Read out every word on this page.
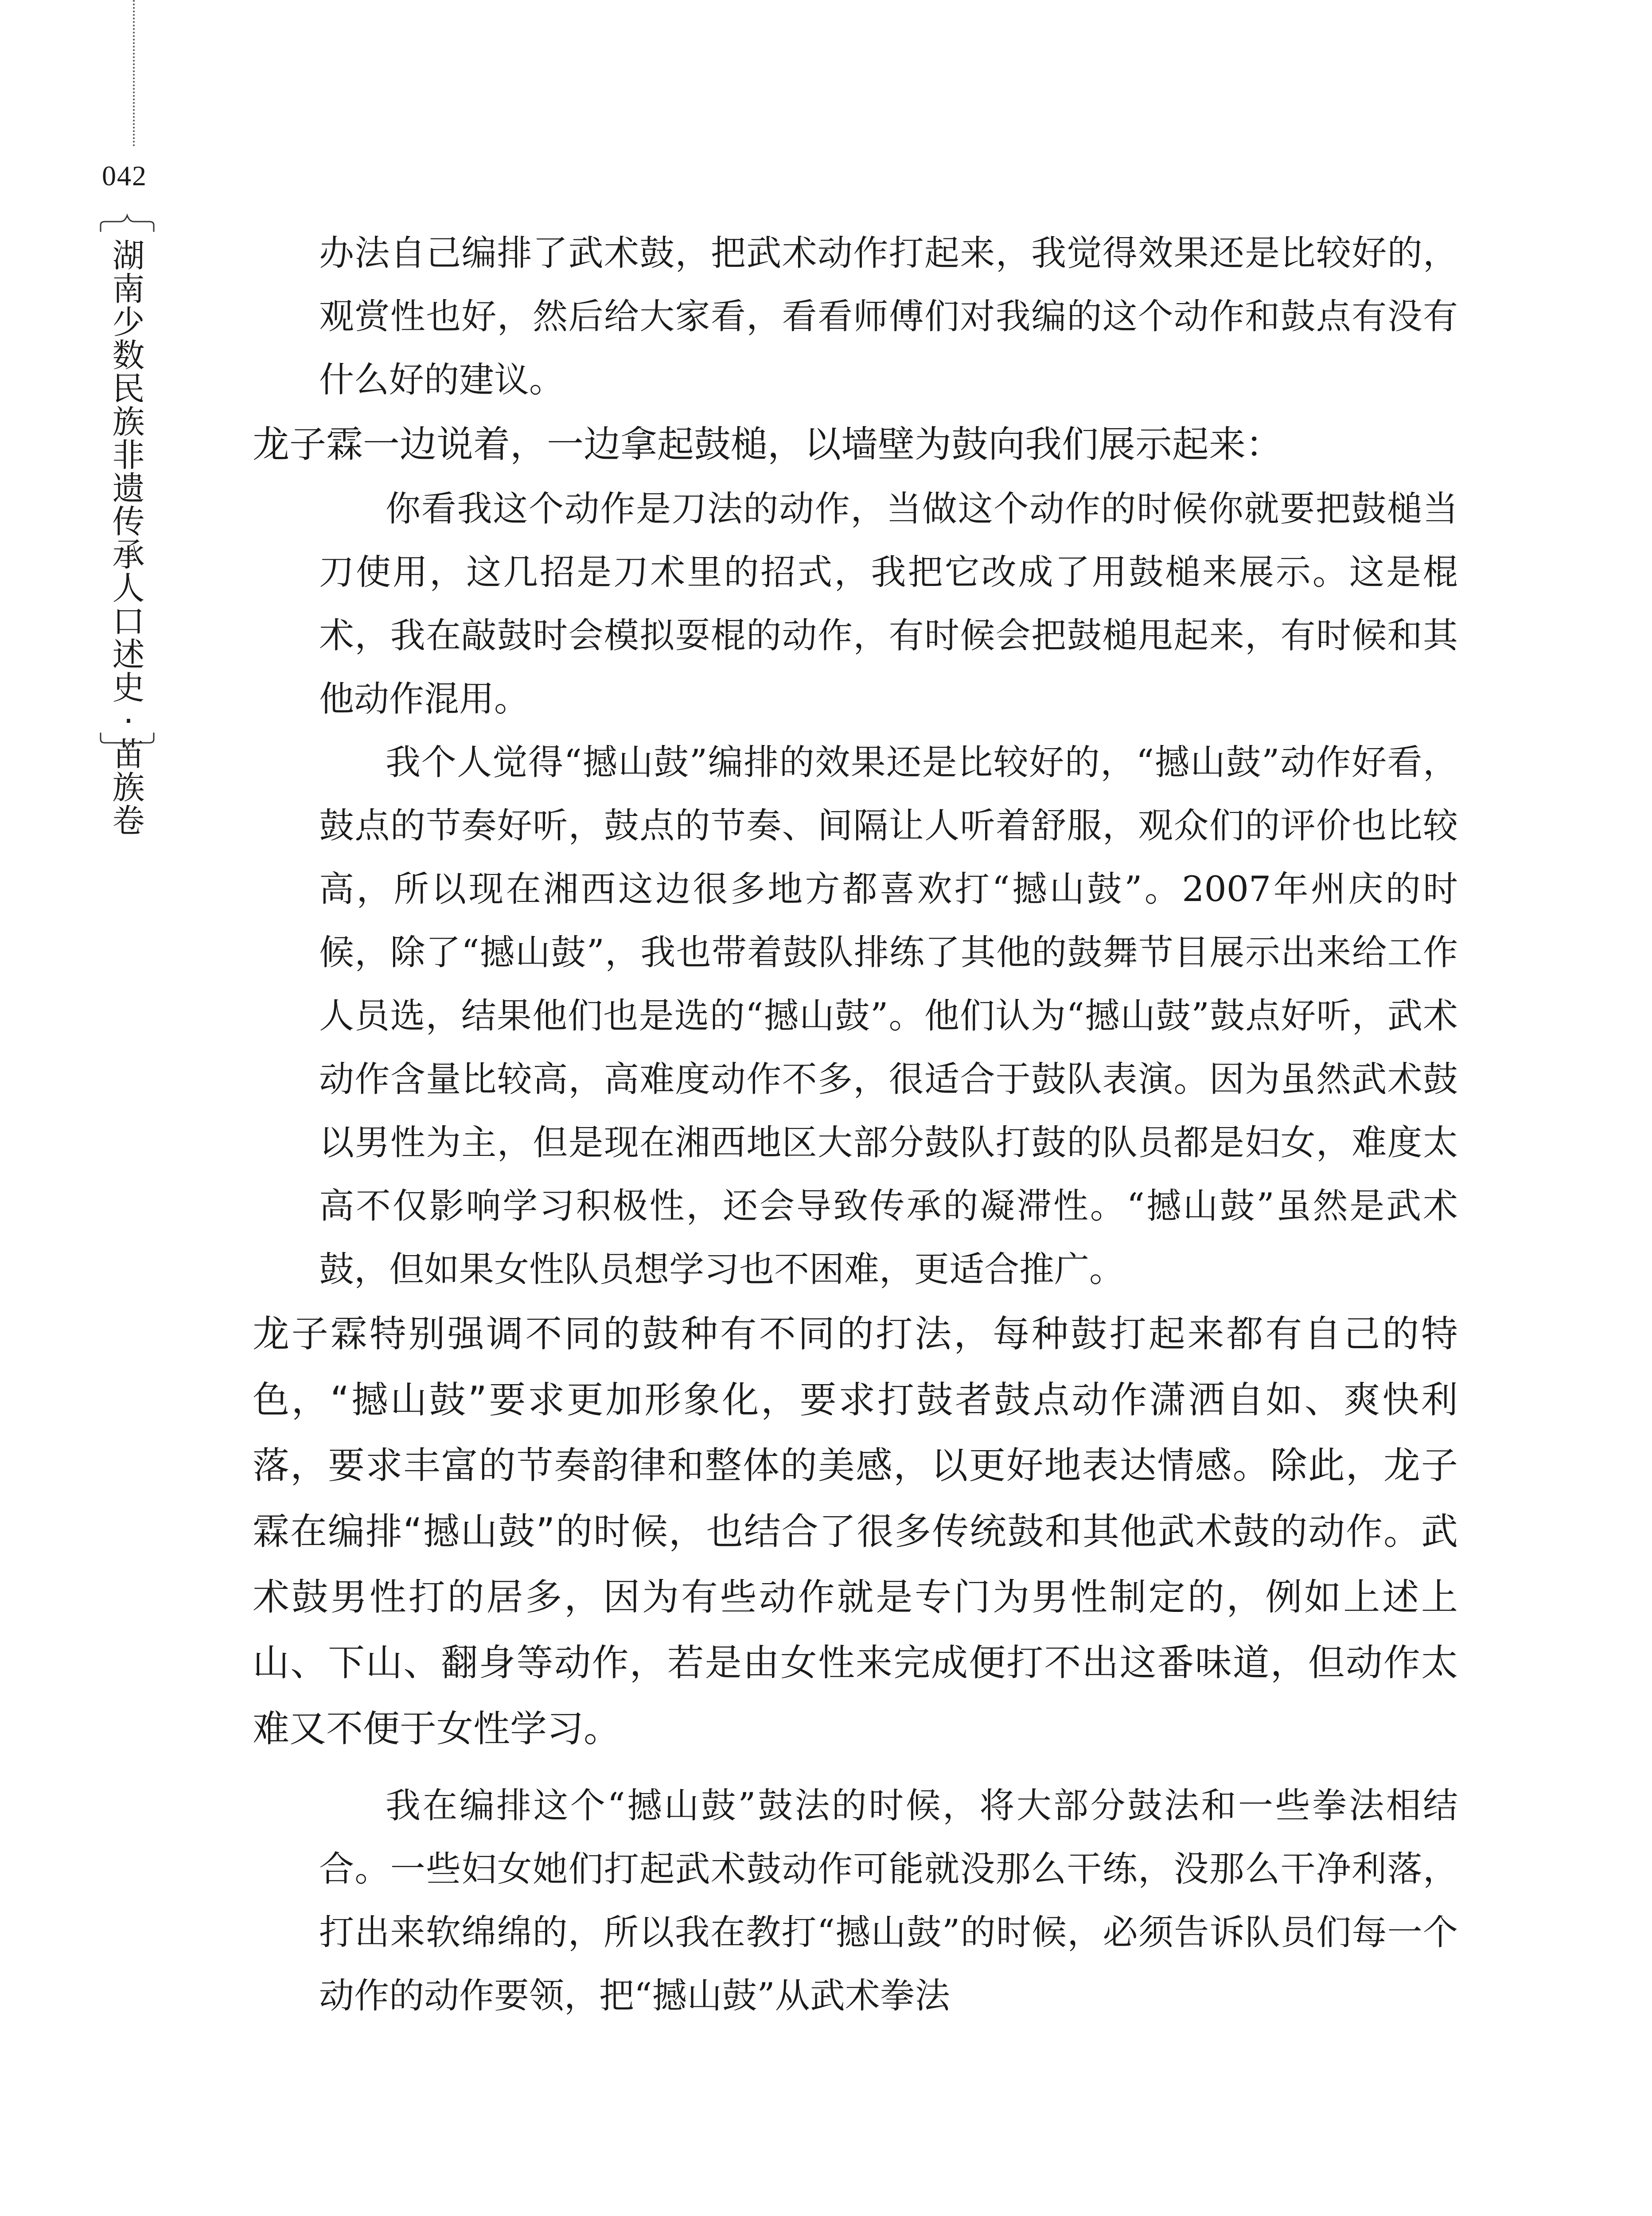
042
湖南少数民族非遗传承人口述史·苗族卷

办法自己编排了武术鼓，把武术动作打起来，我觉得效果还是比较好的，观赏性也好，然后给大家看，看看师傅们对我编的这个动作和鼓点有没有什么好的建议。

龙子霖一边说着，一边拿起鼓槌，以墙壁为鼓向我们展示起来：

你看我这个动作是刀法的动作，当做这个动作的时候你就要把鼓槌当刀使用，这几招是刀术里的招式，我把它改成了用鼓槌来展示。这是棍术，我在敲鼓时会模拟耍棍的动作，有时候会把鼓槌甩起来，有时候和其他动作混用。

我个人觉得“撼山鼓”编排的效果还是比较好的，“撼山鼓”动作好看，鼓点的节奏好听，鼓点的节奏、间隔让人听着舒服，观众们的评价也比较高，所以现在湘西这边很多地方都喜欢打“撼山鼓”。2007年州庆的时候，除了“撼山鼓”，我也带着鼓队排练了其他的鼓舞节目展示出来给工作人员选，结果他们也是选的“撼山鼓”。他们认为“撼山鼓”鼓点好听，武术动作含量比较高，高难度动作不多，很适合于鼓队表演。因为虽然武术鼓以男性为主，但是现在湘西地区大部分鼓队打鼓的队员都是妇女，难度太高不仅影响学习积极性，还会导致传承的凝滞性。“撼山鼓”虽然是武术鼓，但如果女性队员想学习也不困难，更适合推广。

龙子霖特别强调不同的鼓种有不同的打法，每种鼓打起来都有自己的特色，“撼山鼓”要求更加形象化，要求打鼓者鼓点动作潇洒自如、爽快利落，要求丰富的节奏韵律和整体的美感，以更好地表达情感。除此，龙子霖在编排“撼山鼓”的时候，也结合了很多传统鼓和其他武术鼓的动作。武术鼓男性打的居多，因为有些动作就是专门为男性制定的，例如上述上山、下山、翻身等动作，若是由女性来完成便打不出这番味道，但动作太难又不便于女性学习。

我在编排这个“撼山鼓”鼓法的时候，将大部分鼓法和一些拳法相结合。一些妇女她们打起武术鼓动作可能就没那么干练，没那么干净利落，打出来软绵绵的，所以我在教打“撼山鼓”的时候，必须告诉队员们每一个动作的动作要领，把“撼山鼓”从武术拳法
